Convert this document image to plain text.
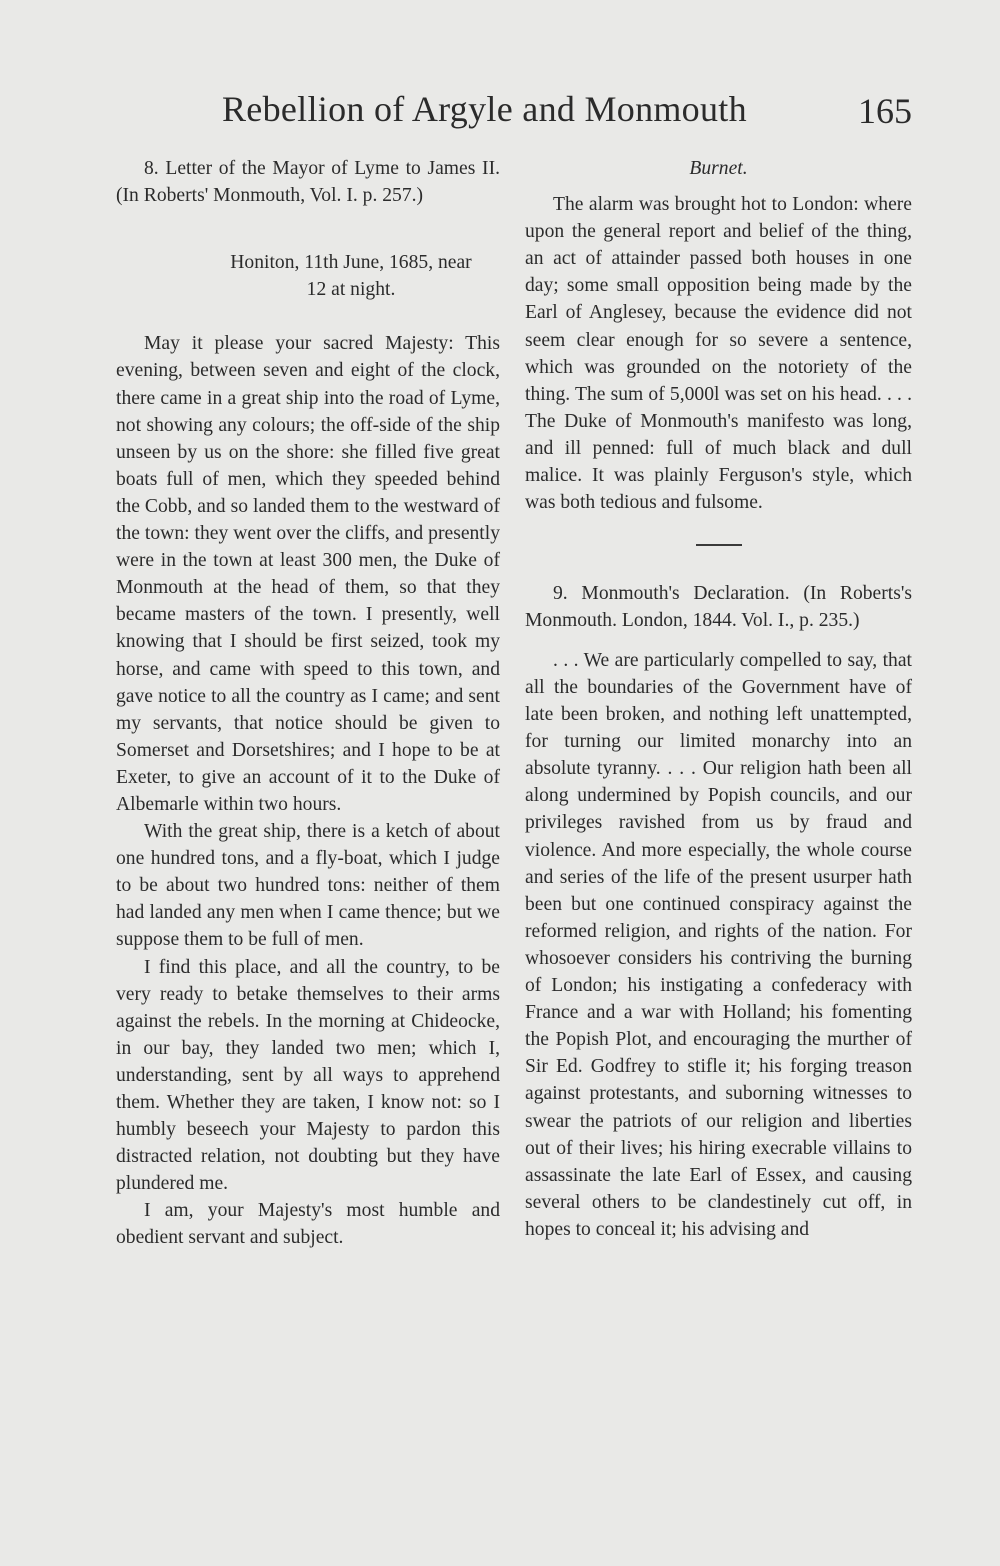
Rebellion of Argyle and Monmouth	165

8. Letter of the Mayor of Lyme to James II. (In Roberts' Monmouth, Vol. I. p. 257.)

Honiton, 11th June, 1685, near
12 at night.

May it please your sacred Majesty: This evening, between seven and eight of the clock, there came in a great ship into the road of Lyme, not showing any colours; the off-side of the ship unseen by us on the shore: she filled five great boats full of men, which they speeded behind the Cobb, and so landed them to the westward of the town: they went over the cliffs, and presently were in the town at least 300 men, the Duke of Monmouth at the head of them, so that they became masters of the town. I presently, well knowing that I should be first seized, took my horse, and came with speed to this town, and gave notice to all the country as I came; and sent my servants, that notice should be given to Somerset and Dorsetshires; and I hope to be at Exeter, to give an account of it to the Duke of Albemarle within two hours.

With the great ship, there is a ketch of about one hundred tons, and a fly-boat, which I judge to be about two hundred tons: neither of them had landed any men when I came thence; but we suppose them to be full of men.

I find this place, and all the country, to be very ready to betake themselves to their arms against the rebels. In the morning at Chideocke, in our bay, they landed two men; which I, understanding, sent by all ways to apprehend them. Whether they are taken, I know not: so I humbly beseech your Majesty to pardon this distracted relation, not doubting but they have plundered me.

I am, your Majesty's most humble and obedient servant and subject.

Burnet.

The alarm was brought hot to London: where upon the general report and belief of the thing, an act of attainder passed both houses in one day; some small opposition being made by the Earl of Anglesey, because the evidence did not seem clear enough for so severe a sentence, which was grounded on the notoriety of the thing. The sum of 5,000l was set on his head. . . . The Duke of Monmouth's manifesto was long, and ill penned: full of much black and dull malice. It was plainly Ferguson's style, which was both tedious and fulsome.

9. Monmouth's Declaration. (In Roberts's Monmouth. London, 1844. Vol. I., p. 235.)

. . . We are particularly compelled to say, that all the boundaries of the Government have of late been broken, and nothing left unattempted, for turning our limited monarchy into an absolute tyranny. . . . Our religion hath been all along undermined by Popish councils, and our privileges ravished from us by fraud and violence. And more especially, the whole course and series of the life of the present usurper hath been but one continued conspiracy against the reformed religion, and rights of the nation. For whosoever considers his contriving the burning of London; his instigating a confederacy with France and a war with Holland; his fomenting the Popish Plot, and encouraging the murther of Sir Ed. Godfrey to stifle it; his forging treason against protestants, and suborning witnesses to swear the patriots of our religion and liberties out of their lives; his hiring execrable villains to assassinate the late Earl of Essex, and causing several others to be clandestinely cut off, in hopes to conceal it; his advising and
